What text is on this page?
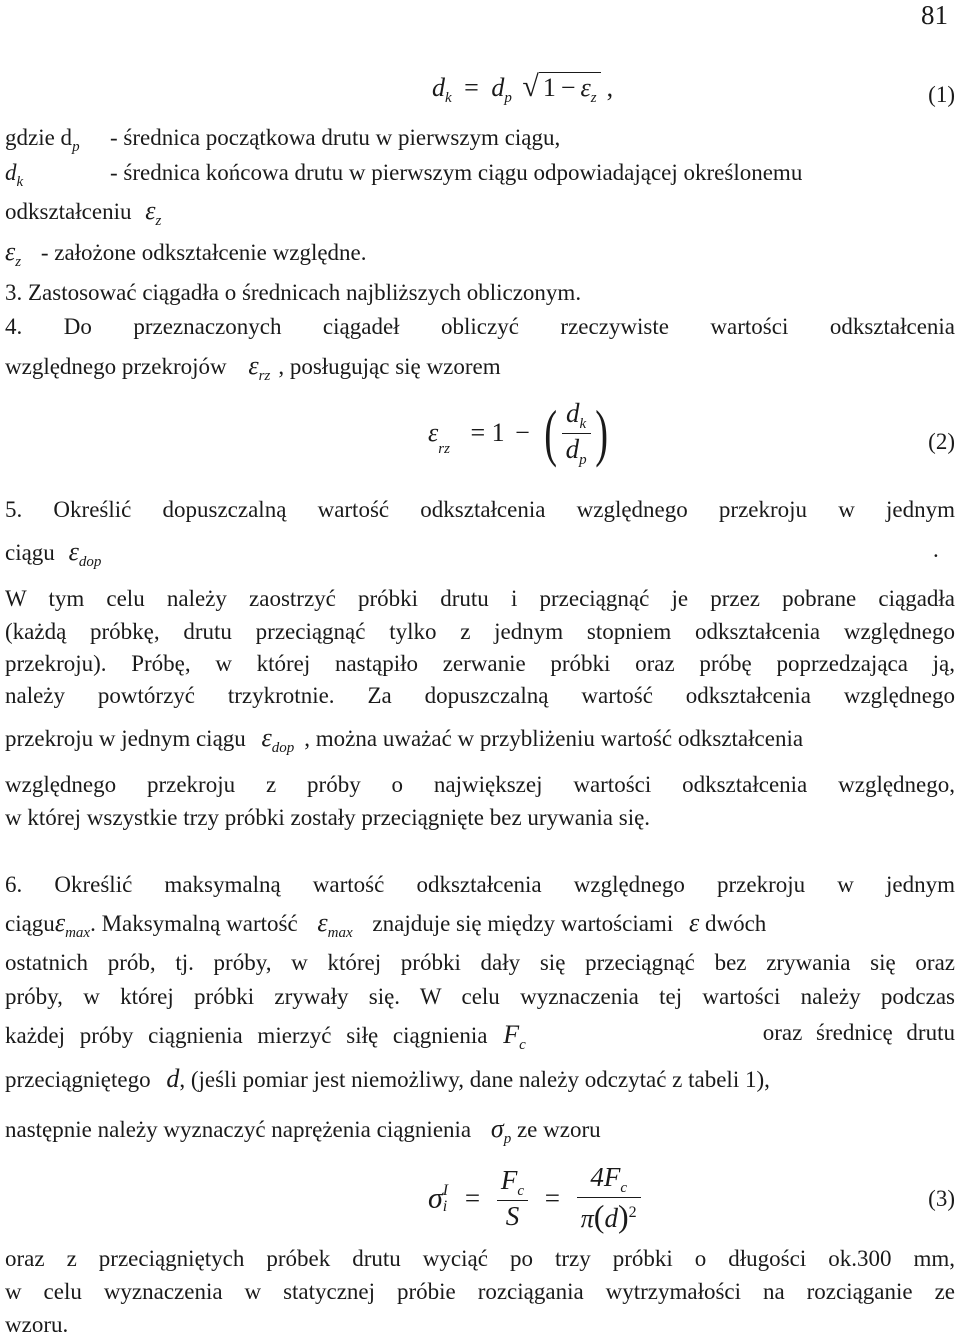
81
$d_k = d_p$ √ $1 - \varepsilon_z$ ,	(1)
gdzie $d_p$ - średnica początkowa drutu w pierwszym ciągu,
$d_k$	- średnica końcowa drutu w pierwszym ciągu odpowiadającej określonemu
odkształceniu $\varepsilon_z$
$\varepsilon_z$ - założone odkształcenie względne.
3. Zastosować ciągadła o średnicach najbliższych obliczonym.
4. Do przeznaczonych ciągadeł obliczyć rzeczywiste wartości odkształcenia
względnego przekrojów $\varepsilon_{rz}$ , posługując się wzorem
$\varepsilon_{rz} = 1$ − ( $\frac{d_k}{d_p}$ )	(2)
5. Określić dopuszczalną wartość odkształcenia względnego przekroju w jednym
ciągu $\varepsilon_{dop}$	.
W tym celu należy zaostrzyć próbki drutu i przeciągnąć je przez pobrane ciągadła
(każdą próbkę, drutu przeciągnąć tylko z jednym stopniem odkształcenia względnego
przekroju). Próbę, w której nastąpiło zerwanie próbki oraz próbę poprzedzająca ją,
należy powtórzyć trzykrotnie. Za dopuszczalną wartość odkształcenia względnego
przekroju w jednym ciągu $\varepsilon_{dop}$ , można uważać w przybliżeniu wartość odkształcenia
względnego przekroju z próby o największej wartości odkształcenia względnego,
w której wszystkie trzy próbki zostały przeciągnięte bez urywania się.
6. Określić maksymalną wartość odkształcenia względnego przekroju w jednym
ciąguε$_{max}$. Maksymalną wartość $\varepsilon_{max}$ znajduje się między wartościami ε dwóch
ostatnich prób, tj. próby, w której próbki dały się przeciągnąć bez zrywania się oraz
próby, w której próbki zrywały się. W celu wyznaczenia tej wartości należy podczas
każdej próby ciągnienia mierzyć siłę ciągnienia $F_c$	oraz średnicę drutu
przeciągniętego d, (jeśli pomiar jest niemożliwy, dane należy odczytać z tabeli 1),
następnie należy wyznaczyć naprężenia ciągnienia $\sigma_p$ ze wzoru
σ I
$i = \frac{F_c}{S} = \frac{4F_c}{\pi(d)^2}$	(3)
oraz z przeciągniętych próbek drutu wyciąć po trzy próbki o długości ok.300 mm,
w celu wyznaczenia w statycznej próbie rozciągania wytrzymałości na rozciąganie ze
wzoru.
